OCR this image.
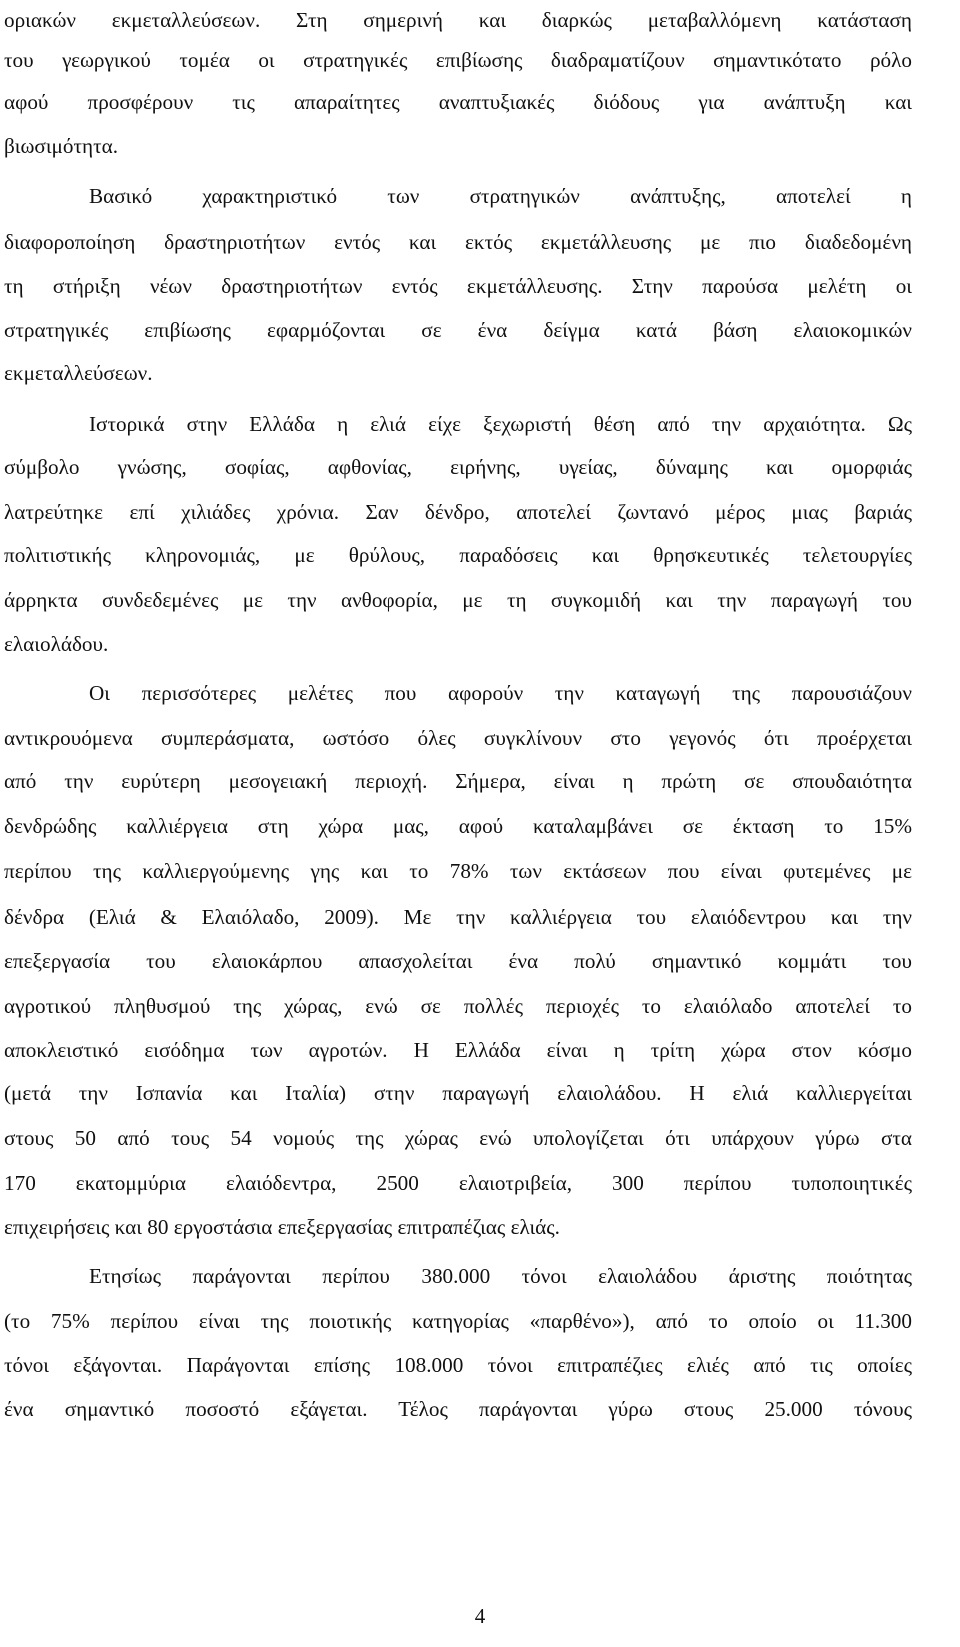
οριακών εκμεταλλεύσεων. Στη σημερινή και διαρκώς μεταβαλλόμενη κατάσταση
του γεωργικού τομέα οι στρατηγικές επιβίωσης διαδραματίζουν σημαντικότατο ρόλο
αφού προσφέρουν τις απαραίτητες αναπτυξιακές διόδους για ανάπτυξη και
βιωσιμότητα.
Βασικό χαρακτηριστικό των στρατηγικών ανάπτυξης, αποτελεί η
διαφοροποίηση δραστηριοτήτων εντός και εκτός εκμετάλλευσης με πιο διαδεδομένη
τη στήριξη νέων δραστηριοτήτων εντός εκμετάλλευσης. Στην παρούσα μελέτη οι
στρατηγικές επιβίωσης εφαρμόζονται σε ένα δείγμα κατά βάση ελαιοκομικών
εκμεταλλεύσεων.
Ιστορικά στην Ελλάδα η ελιά είχε ξεχωριστή θέση από την αρχαιότητα. Ως
σύμβολο γνώσης, σοφίας, αφθονίας, ειρήνης, υγείας, δύναμης και ομορφιάς
λατρεύτηκε επί χιλιάδες χρόνια. Σαν δένδρο, αποτελεί ζωντανό μέρος μιας βαριάς
πολιτιστικής κληρονομιάς, με θρύλους, παραδόσεις και θρησκευτικές τελετουργίες
άρρηκτα συνδεδεμένες με την ανθοφορία, με τη συγκομιδή και την παραγωγή του
ελαιολάδου.
Οι περισσότερες μελέτες που αφορούν την καταγωγή της παρουσιάζουν
αντικρουόμενα συμπεράσματα, ωστόσο όλες συγκλίνουν στο γεγονός ότι προέρχεται
από την ευρύτερη μεσογειακή περιοχή. Σήμερα, είναι η πρώτη σε σπουδαιότητα
δενδρώδης καλλιέργεια στη χώρα μας, αφού καταλαμβάνει σε έκταση το 15%
περίπου της καλλιεργούμενης γης και το 78% των εκτάσεων που είναι φυτεμένες με
δένδρα (Ελιά & Ελαιόλαδο, 2009). Με την καλλιέργεια του ελαιόδεντρου και την
επεξεργασία του ελαιοκάρπου απασχολείται ένα πολύ σημαντικό κομμάτι του
αγροτικού πληθυσμού της χώρας, ενώ σε πολλές περιοχές το ελαιόλαδο αποτελεί το
αποκλειστικό εισόδημα των αγροτών. Η Ελλάδα είναι η τρίτη χώρα στον κόσμο
(μετά την Ισπανία και Ιταλία) στην παραγωγή ελαιολάδου. Η ελιά καλλιεργείται
στους 50 από τους 54 νομούς της χώρας ενώ υπολογίζεται ότι υπάρχουν γύρω στα
170 εκατομμύρια ελαιόδεντρα, 2500 ελαιοτριβεία, 300 περίπου τυποποιητικές
επιχειρήσεις και 80 εργοστάσια επεξεργασίας επιτραπέζιας ελιάς.
Ετησίως παράγονται περίπου 380.000 τόνοι ελαιολάδου άριστης ποιότητας
(το 75% περίπου είναι της ποιοτικής κατηγορίας «παρθένο»), από το οποίο οι 11.300
τόνοι εξάγονται. Παράγονται επίσης 108.000 τόνοι επιτραπέζιες ελιές από τις οποίες
ένα σημαντικό ποσοστό εξάγεται. Τέλος παράγονται γύρω στους 25.000 τόνους
4
